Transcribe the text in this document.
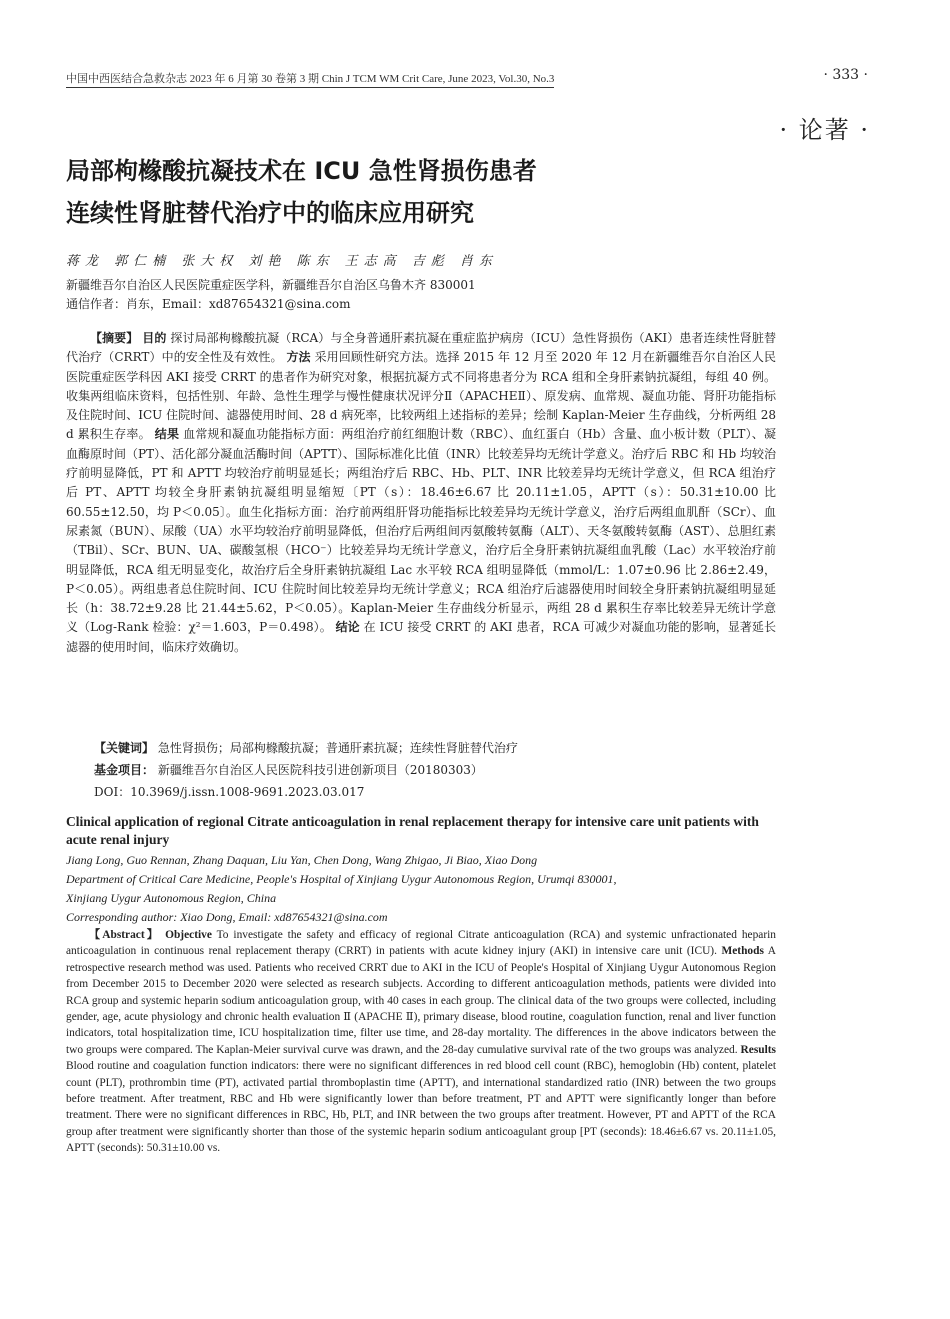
中国中西医结合急救杂志 2023 年 6 月第 30 卷第 3 期 Chin J TCM WM Crit Care, June 2023, Vol.30, No.3	· 333 ·
· 论著 ·
局部枸橼酸抗凝技术在 ICU 急性肾损伤患者
连续性肾脏替代治疗中的临床应用研究
蒋龙 郭仁楠 张大权 刘艳 陈东 王志高 吉彪 肖东
新疆维吾尔自治区人民医院重症医学科，新疆维吾尔自治区乌鲁木齐 830001
通信作者：肖东，Email：xd87654321@sina.com
【摘要】 目的 探讨局部枸橼酸抗凝（RCA）与全身普通肝素抗凝在重症监护病房（ICU）急性肾损伤（AKI）患者连续性肾脏替代治疗（CRRT）中的安全性及有效性。 方法 采用回顾性研究方法。选择 2015 年 12 月至 2020 年 12 月在新疆维吾尔自治区人民医院重症医学科因 AKI 接受 CRRT 的患者作为研究对象，根据抗凝方式不同将患者分为 RCA 组和全身肝素钠抗凝组，每组 40 例。收集两组临床资料，包括性别、年龄、急性生理学与慢性健康状况评分Ⅱ（APACHEⅡ）、原发病、血常规、凝血功能、肾肝功能指标及住院时间、ICU 住院时间、滤器使用时间、28 d 病死率，比较两组上述指标的差异；绘制 Kaplan-Meier 生存曲线，分析两组 28 d 累积生存率。 结果 血常规和凝血功能指标方面：两组治疗前红细胞计数（RBC）、血红蛋白（Hb）含量、血小板计数（PLT）、凝血酶原时间（PT）、活化部分凝血活酶时间（APTT）、国际标准化比值（INR）比较差异均无统计学意义。治疗后 RBC 和 Hb 均较治疗前明显降低，PT 和 APTT 均较治疗前明显延长；两组治疗后 RBC、Hb、PLT、INR 比较差异均无统计学意义，但 RCA 组治疗后 PT、APTT 均较全身肝素钠抗凝组明显缩短〔PT（s）：18.46±6.67 比 20.11±1.05，APTT（s）：50.31±10.00 比 60.55±12.50，均 P＜0.05〕。血生化指标方面：治疗前两组肝肾功能指标比较差异均无统计学意义，治疗后两组血肌酐（SCr）、血尿素氮（BUN）、尿酸（UA）水平均较治疗前明显降低，但治疗后两组间丙氨酸转氨酶（ALT）、天冬氨酸转氨酶（AST）、总胆红素（TBil）、SCr、BUN、UA、碳酸氢根（HCO⁻）比较差异均无统计学意义，治疗后全身肝素钠抗凝组血乳酸（Lac）水平较治疗前明显降低，RCA 组无明显变化，故治疗后全身肝素钠抗凝组 Lac 水平较 RCA 组明显降低（mmol/L：1.07±0.96 比 2.86±2.49，P＜0.05）。两组患者总住院时间、ICU 住院时间比较差异均无统计学意义；RCA 组治疗后滤器使用时间较全身肝素钠抗凝组明显延长（h：38.72±9.28 比 21.44±5.62，P＜0.05）。Kaplan-Meier 生存曲线分析显示，两组 28 d 累积生存率比较差异无统计学意义（Log-Rank 检验：χ²＝1.603，P＝0.498）。 结论 在 ICU 接受 CRRT 的 AKI 患者，RCA 可减少对凝血功能的影响，显著延长滤器的使用时间，临床疗效确切。
【关键词】 急性肾损伤；局部枸橼酸抗凝；普通肝素抗凝；连续性肾脏替代治疗
基金项目： 新疆维吾尔自治区人民医院科技引进创新项目（20180303）
DOI：10.3969/j.issn.1008-9691.2023.03.017
Clinical application of regional Citrate anticoagulation in renal replacement therapy for intensive care unit patients with acute renal injury
Jiang Long, Guo Rennan, Zhang Daquan, Liu Yan, Chen Dong, Wang Zhigao, Ji Biao, Xiao Dong
Department of Critical Care Medicine, People's Hospital of Xinjiang Uygur Autonomous Region, Urumqi 830001,
Xinjiang Uygur Autonomous Region, China
Corresponding author: Xiao Dong, Email: xd87654321@sina.com
【Abstract】 Objective To investigate the safety and efficacy of regional Citrate anticoagulation (RCA) and systemic unfractionated heparin anticoagulation in continuous renal replacement therapy (CRRT) in patients with acute kidney injury (AKI) in intensive care unit (ICU). Methods A retrospective research method was used. Patients who received CRRT due to AKI in the ICU of People's Hospital of Xinjiang Uygur Autonomous Region from December 2015 to December 2020 were selected as research subjects. According to different anticoagulation methods, patients were divided into RCA group and systemic heparin sodium anticoagulation group, with 40 cases in each group. The clinical data of the two groups were collected, including gender, age, acute physiology and chronic health evaluation Ⅱ (APACHE Ⅱ), primary disease, blood routine, coagulation function, renal and liver function indicators, total hospitalization time, ICU hospitalization time, filter use time, and 28-day mortality. The differences in the above indicators between the two groups were compared. The Kaplan-Meier survival curve was drawn, and the 28-day cumulative survival rate of the two groups was analyzed. Results Blood routine and coagulation function indicators: there were no significant differences in red blood cell count (RBC), hemoglobin (Hb) content, platelet count (PLT), prothrombin time (PT), activated partial thromboplastin time (APTT), and international standardized ratio (INR) between the two groups before treatment. After treatment, RBC and Hb were significantly lower than before treatment, PT and APTT were significantly longer than before treatment. There were no significant differences in RBC, Hb, PLT, and INR between the two groups after treatment. However, PT and APTT of the RCA group after treatment were significantly shorter than those of the systemic heparin sodium anticoagulant group [PT (seconds): 18.46±6.67 vs. 20.11±1.05, APTT (seconds): 50.31±10.00 vs.
